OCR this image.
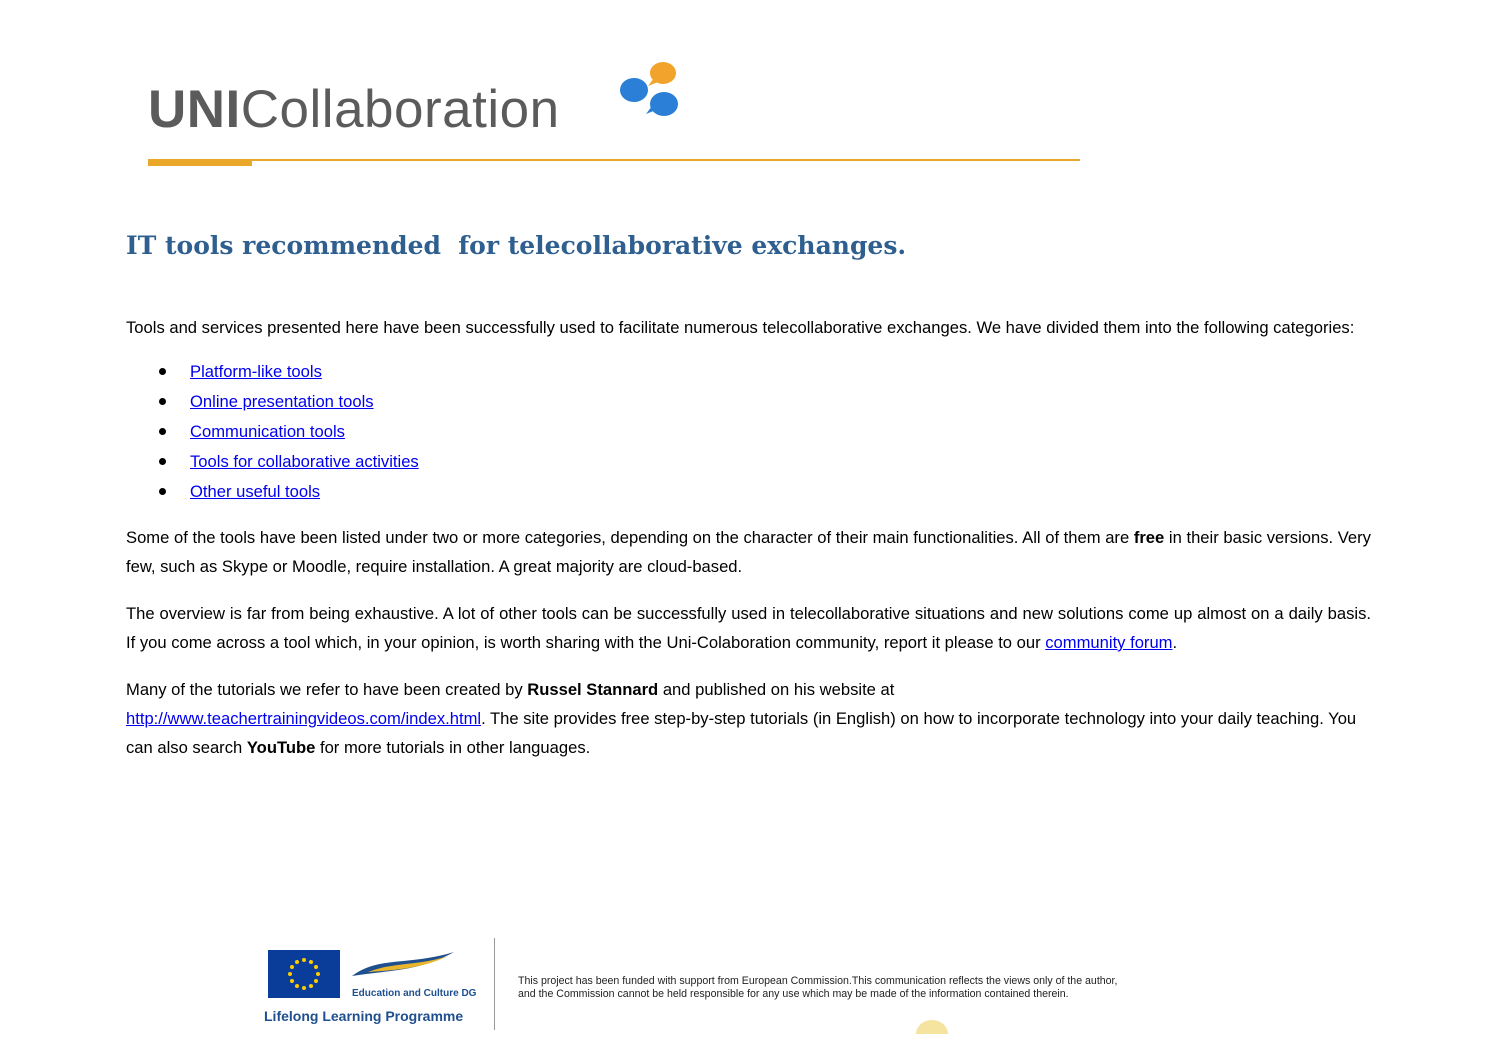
UNICollaboration
IT tools recommended  for telecollaborative exchanges.

Tools and services presented here have been successfully used to facilitate numerous telecollaborative exchanges. We have divided them into the following categories:

Platform-like tools
Online presentation tools
Communication tools
Tools for collaborative activities
Other useful tools

Some of the tools have been listed under two or more categories, depending on the character of their main functionalities. All of them are free in their basic versions. Very few, such as Skype or Moodle, require installation. A great majority are cloud-based.

The overview is far from being exhaustive. A lot of other tools can be successfully used in telecollaborative situations and new solutions come up almost on a daily basis. If you come across a tool which, in your opinion, is worth sharing with the Uni-Colaboration community, report it please to our community forum.

Many of the tutorials we refer to have been created by Russel Stannard and published on his website at
http://www.teachertrainingvideos.com/index.html. The site provides free step-by-step tutorials (in English) on how to incorporate technology into your daily teaching. You can also search YouTube for more tutorials in other languages.

Education and Culture DG
Lifelong Learning Programme

This project has been funded with support from European Commission.This communication reflects the views only of the author,

and the Commission cannot be held responsible for any use which may be made of the information contained therein.
